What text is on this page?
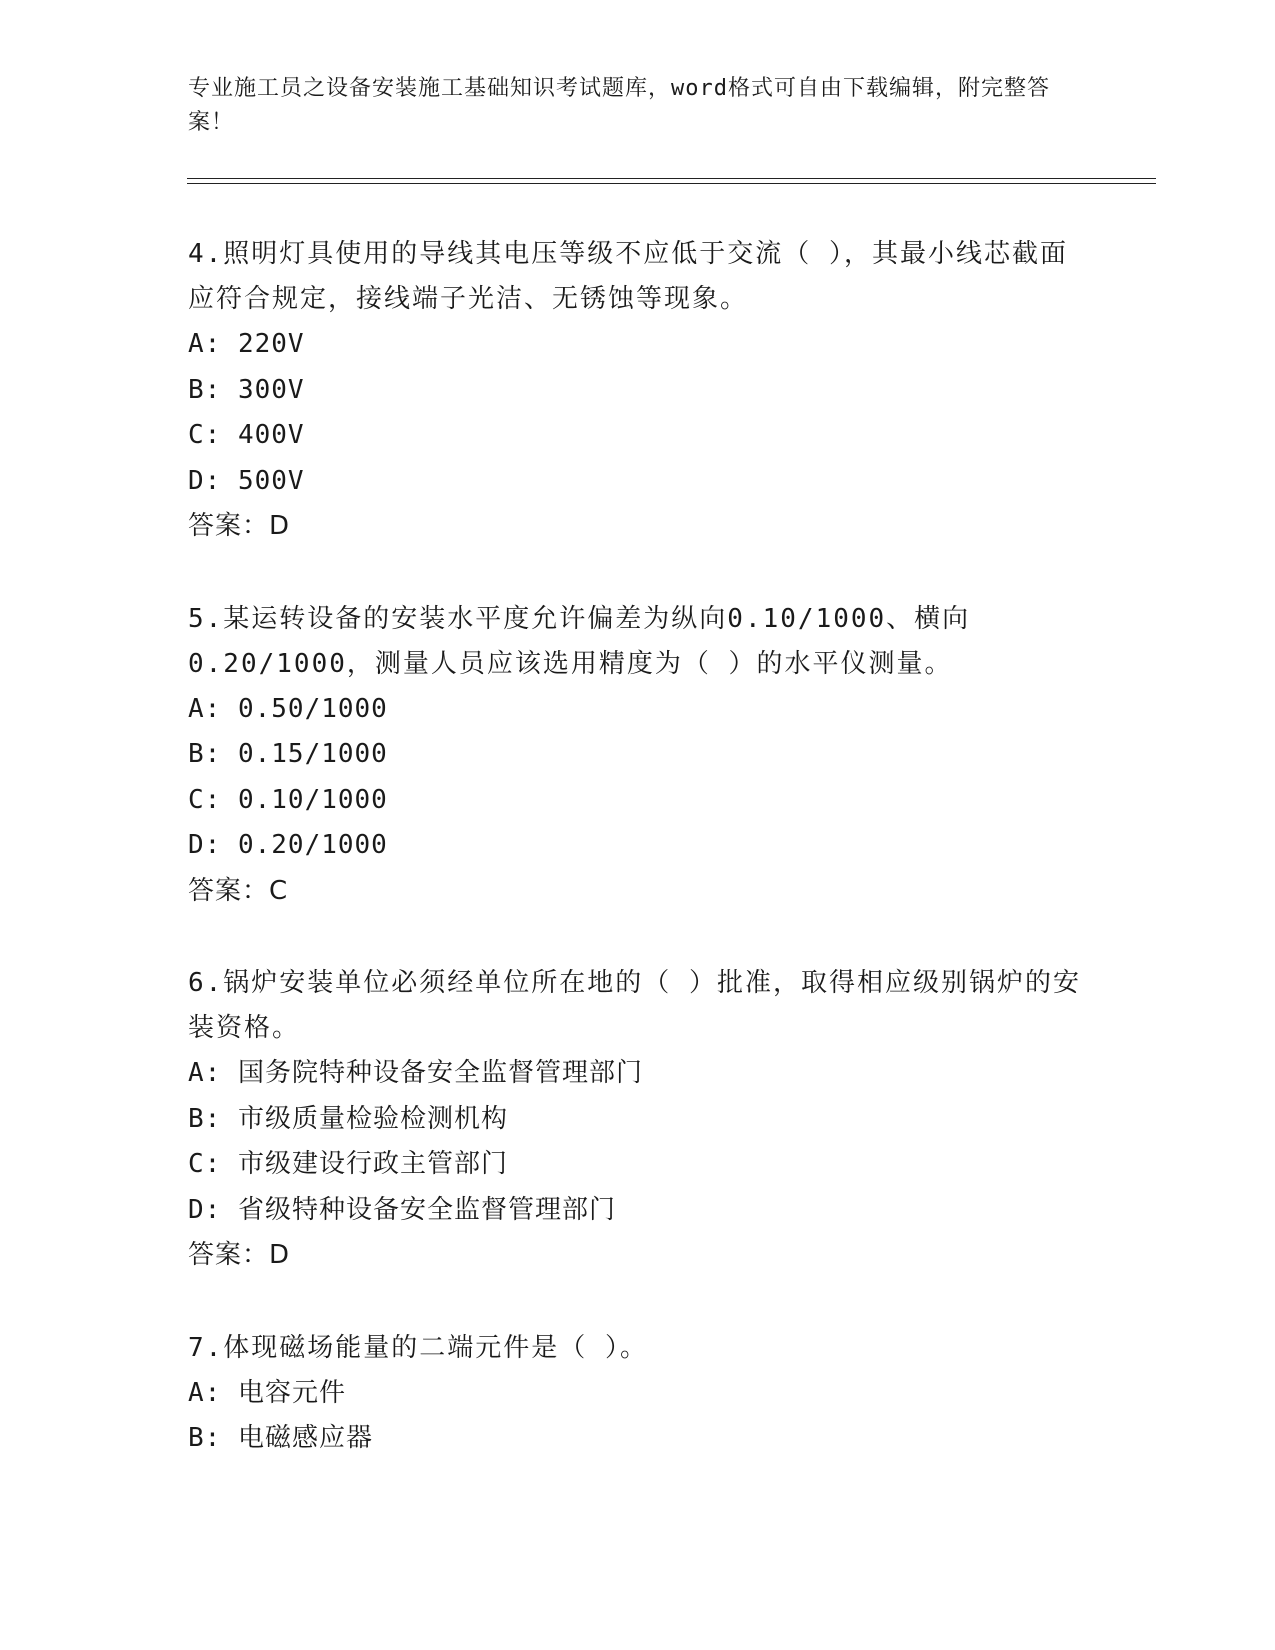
专业施工员之设备安装施工基础知识考试题库，word格式可自由下载编辑，附完整答案！
4.照明灯具使用的导线其电压等级不应低于交流（ ），其最小线芯截面应符合规定，接线端子光洁、无锈蚀等现象。
A: 220V
B: 300V
C: 400V
D: 500V
答案：D
5.某运转设备的安装水平度允许偏差为纵向0.10/1000、横向0.20/1000，测量人员应该选用精度为（ ）的水平仪测量。
A: 0.50/1000
B: 0.15/1000
C: 0.10/1000
D: 0.20/1000
答案：C
6.锅炉安装单位必须经单位所在地的（ ）批准，取得相应级别锅炉的安装资格。
A: 国务院特种设备安全监督管理部门
B: 市级质量检验检测机构
C: 市级建设行政主管部门
D: 省级特种设备安全监督管理部门
答案：D
7.体现磁场能量的二端元件是（ ）。
A: 电容元件
B: 电磁感应器
